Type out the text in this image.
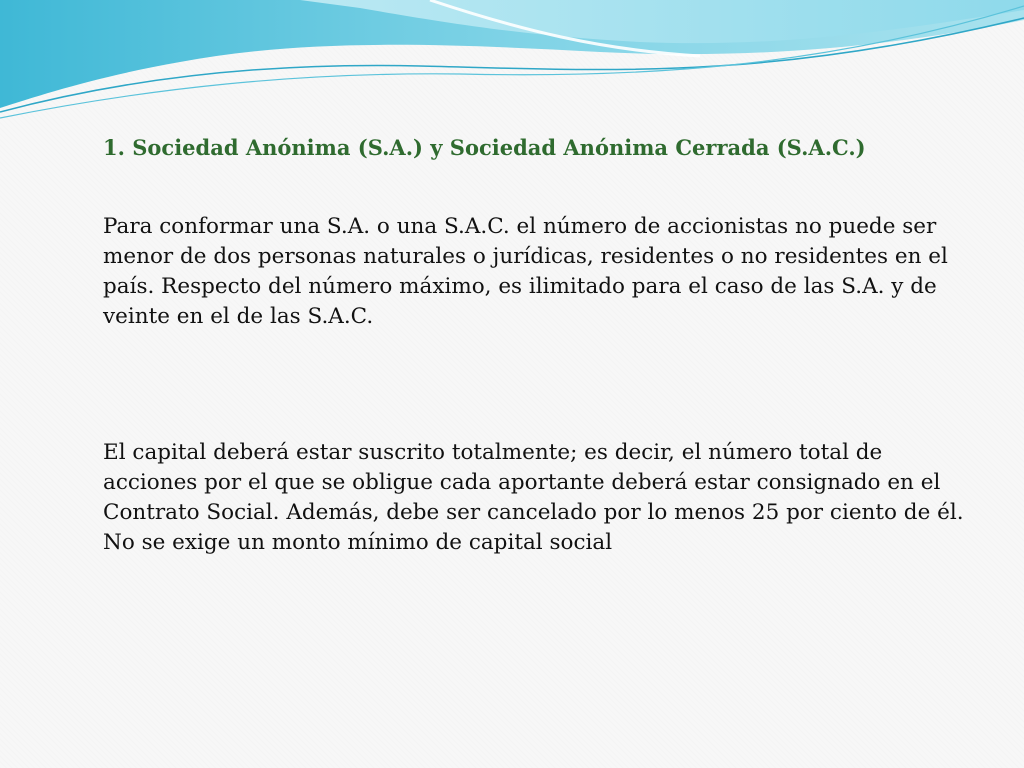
1. Sociedad Anónima (S.A.) y Sociedad Anónima Cerrada (S.A.C.)

Para conformar una S.A. o una S.A.C. el número de accionistas no puede ser
menor de dos personas naturales o jurídicas, residentes o no residentes en el
país. Respecto del número máximo, es ilimitado para el caso de las S.A. y de
veinte en el de las S.A.C.

El capital deberá estar suscrito totalmente; es decir, el número total de
acciones por el que se obligue cada aportante deberá estar consignado en el
Contrato Social. Además, debe ser cancelado por lo menos 25 por ciento de él.
No se exige un monto mínimo de capital social
